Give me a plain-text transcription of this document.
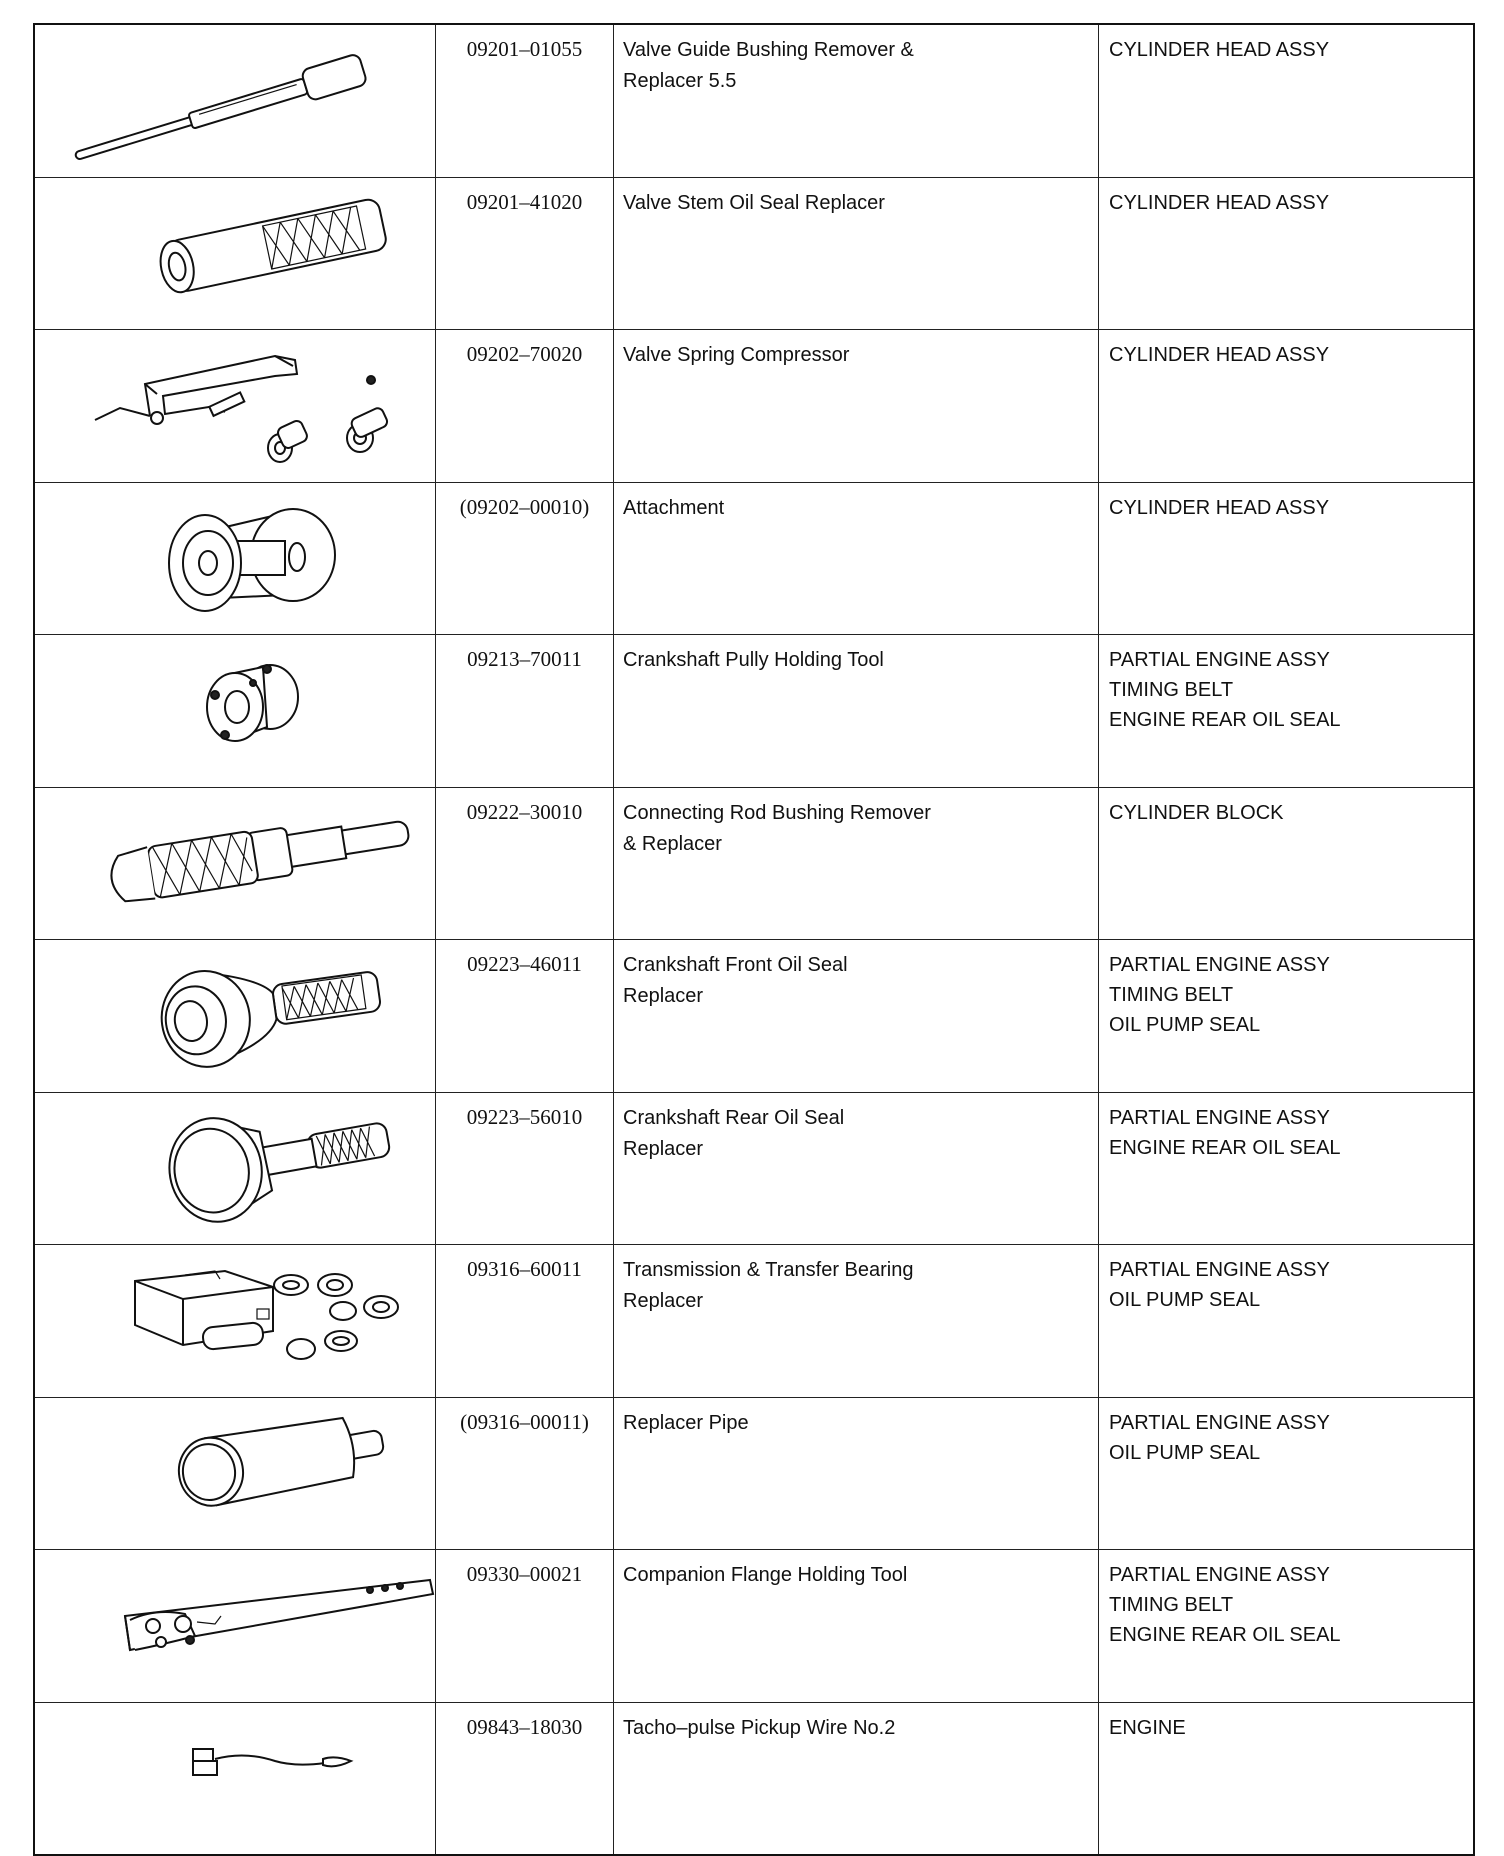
	09201–01055	Valve Guide Bushing Remover &
Replacer 5.5	CYLINDER HEAD ASSY

	09201–41020	Valve Stem Oil Seal Replacer	CYLINDER HEAD ASSY

	09202–70020	Valve Spring Compressor	CYLINDER HEAD ASSY

	(09202–00010)	Attachment	CYLINDER HEAD ASSY

	09213–70011	Crankshaft Pully Holding Tool	PARTIAL ENGINE ASSY
TIMING BELT
ENGINE REAR OIL SEAL

	09222–30010	Connecting Rod Bushing Remover
& Replacer	CYLINDER BLOCK

	09223–46011	Crankshaft Front Oil Seal
Replacer	PARTIAL ENGINE ASSY
TIMING BELT
OIL PUMP SEAL

	09223–56010	Crankshaft Rear Oil Seal
Replacer	PARTIAL ENGINE ASSY
ENGINE REAR OIL SEAL

	09316–60011	Transmission & Transfer Bearing
Replacer	PARTIAL ENGINE ASSY
OIL PUMP SEAL

	(09316–00011)	Replacer Pipe	PARTIAL ENGINE ASSY
OIL PUMP SEAL

	09330–00021	Companion Flange Holding Tool	PARTIAL ENGINE ASSY
TIMING BELT
ENGINE REAR OIL SEAL

	09843–18030	Tacho–pulse Pickup Wire No.2	ENGINE
